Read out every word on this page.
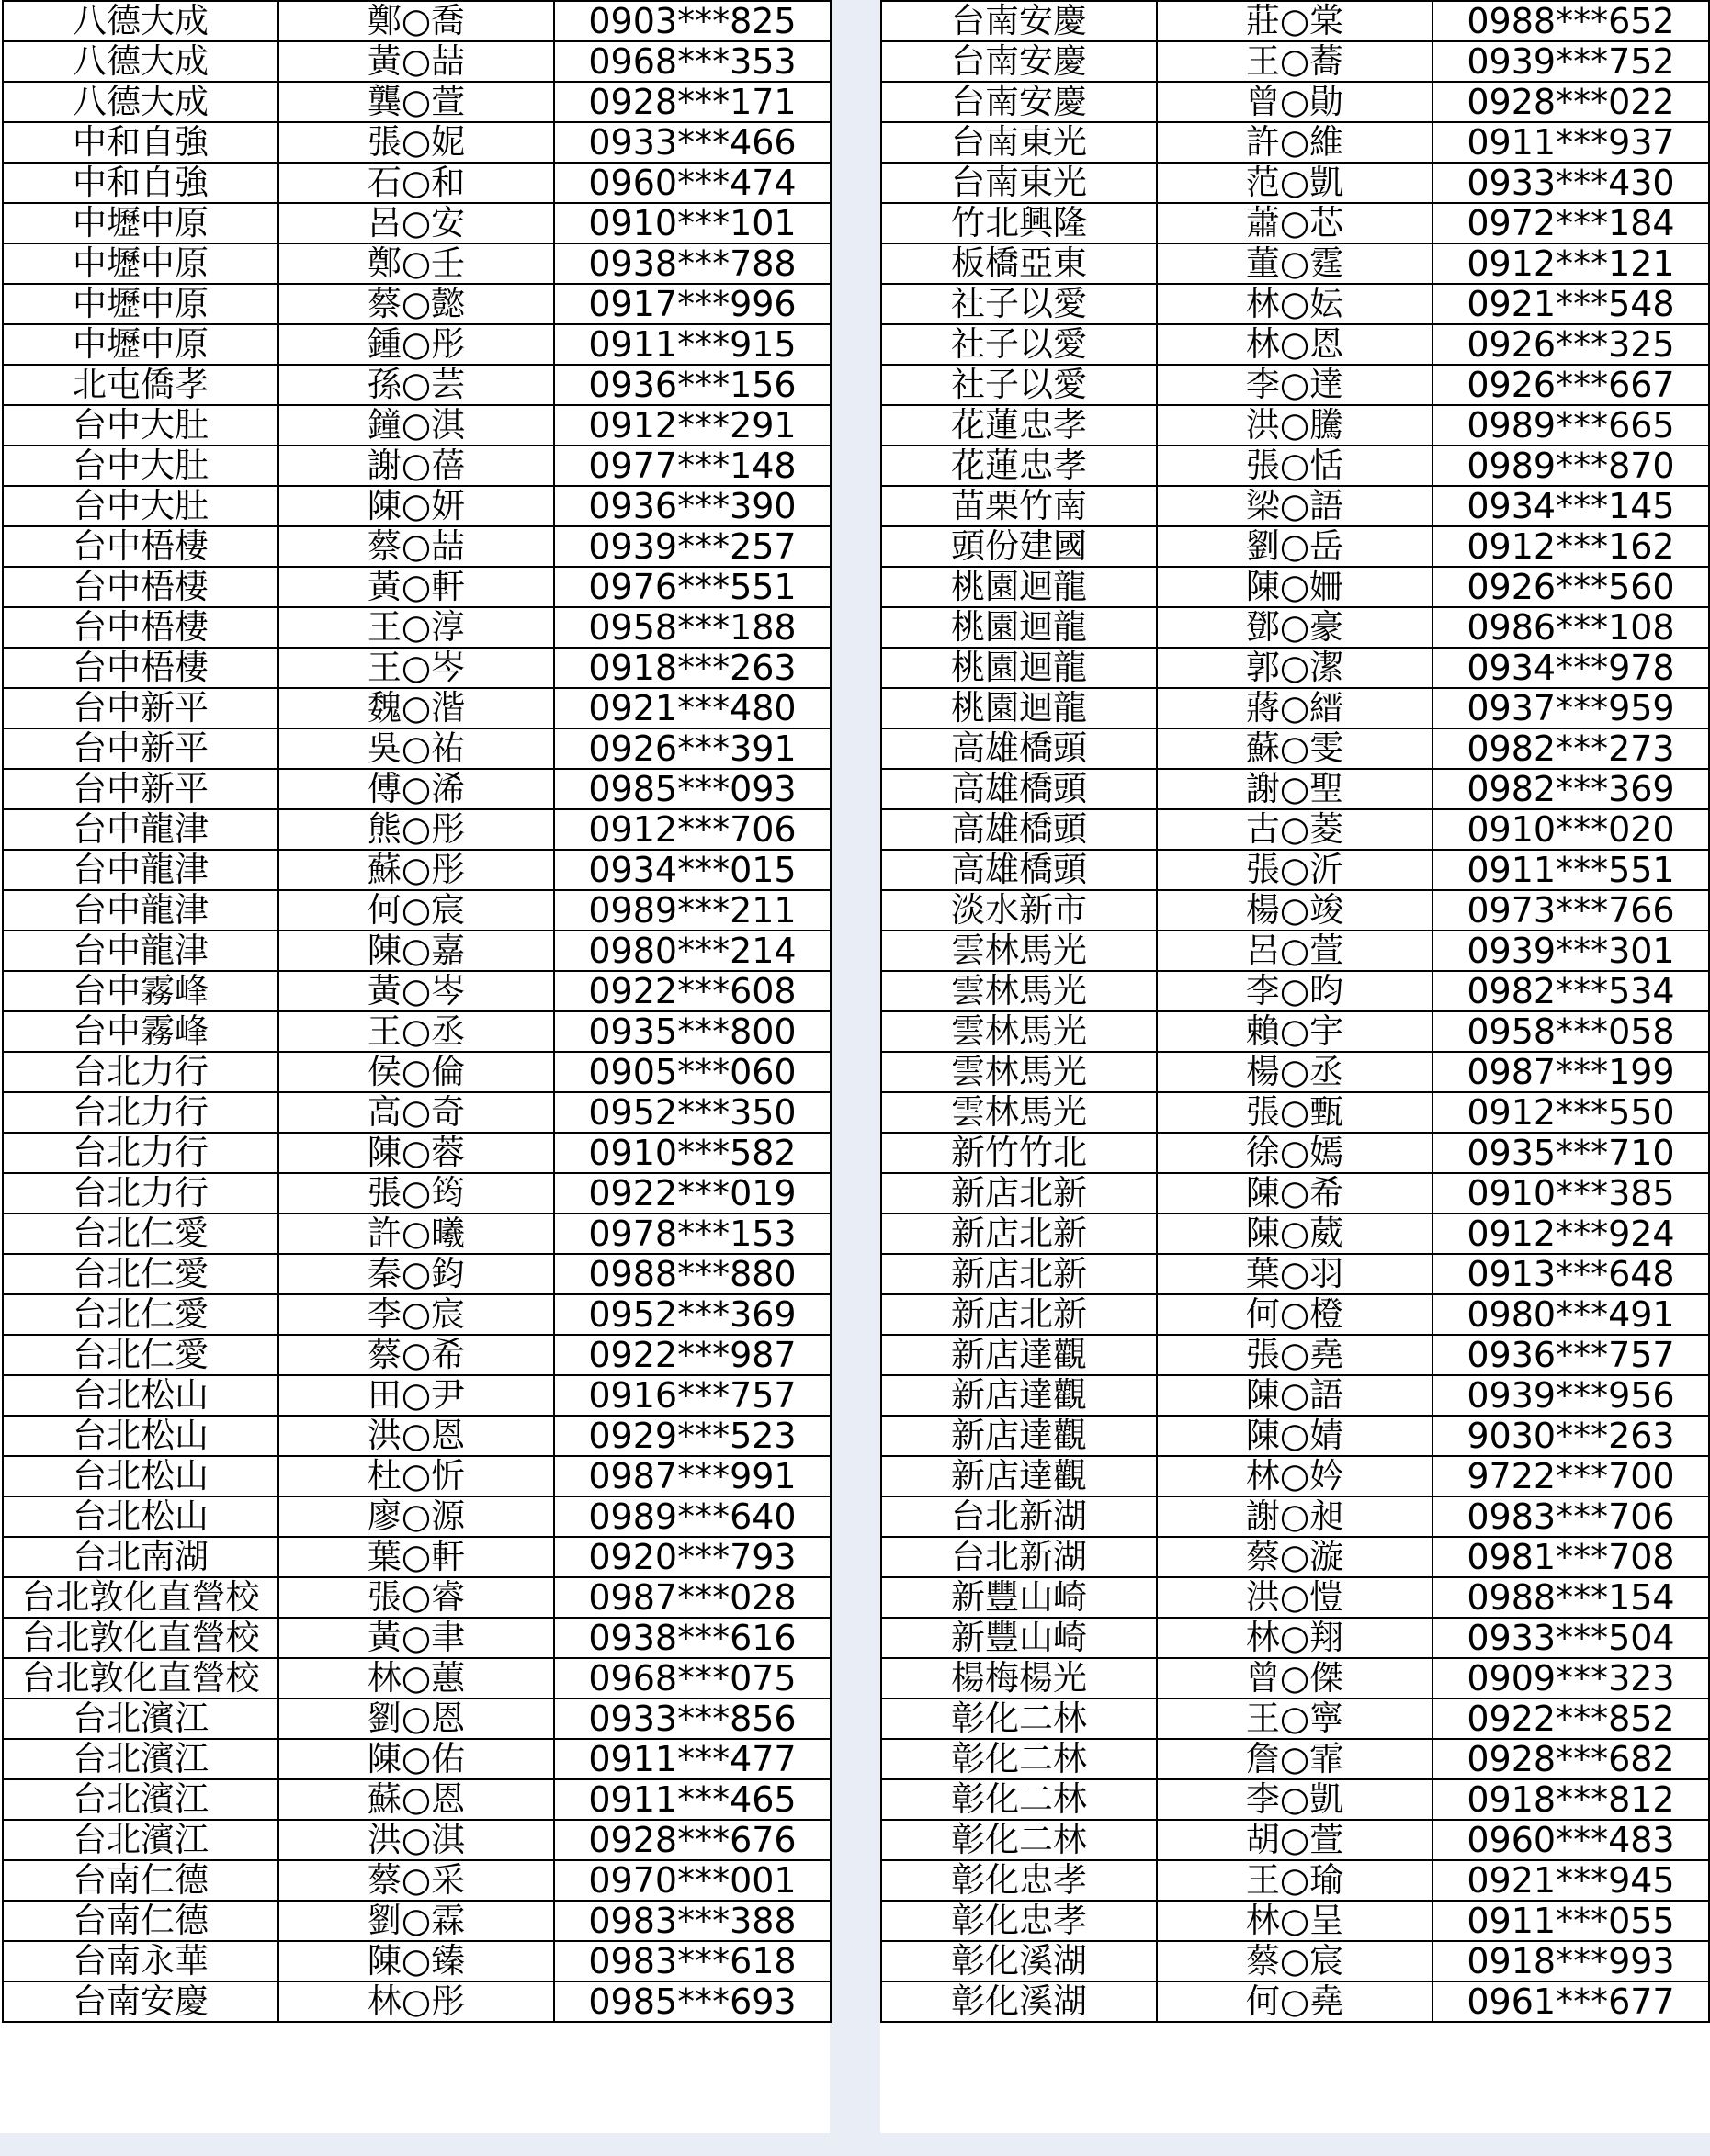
八德大成	鄭○喬	0903***825
八德大成	黃○喆	0968***353
八德大成	龔○萱	0928***171
中和自強	張○妮	0933***466
中和自強	石○和	0960***474
中壢中原	呂○安	0910***101
中壢中原	鄭○壬	0938***788
中壢中原	蔡○懿	0917***996
中壢中原	鍾○彤	0911***915
北屯僑孝	孫○芸	0936***156
台中大肚	鐘○淇	0912***291
台中大肚	謝○蓓	0977***148
台中大肚	陳○妍	0936***390
台中梧棲	蔡○喆	0939***257
台中梧棲	黃○軒	0976***551
台中梧棲	王○淳	0958***188
台中梧棲	王○岑	0918***263
台中新平	魏○湝	0921***480
台中新平	吳○祐	0926***391
台中新平	傅○浠	0985***093
台中龍津	熊○彤	0912***706
台中龍津	蘇○彤	0934***015
台中龍津	何○宸	0989***211
台中龍津	陳○嘉	0980***214
台中霧峰	黃○岑	0922***608
台中霧峰	王○丞	0935***800
台北力行	侯○倫	0905***060
台北力行	高○奇	0952***350
台北力行	陳○蓉	0910***582
台北力行	張○筠	0922***019
台北仁愛	許○曦	0978***153
台北仁愛	秦○鈞	0988***880
台北仁愛	李○宸	0952***369
台北仁愛	蔡○希	0922***987
台北松山	田○尹	0916***757
台北松山	洪○恩	0929***523
台北松山	杜○忻	0987***991
台北松山	廖○源	0989***640
台北南湖	葉○軒	0920***793
台北敦化直營校	張○睿	0987***028
台北敦化直營校	黃○聿	0938***616
台北敦化直營校	林○蕙	0968***075
台北濱江	劉○恩	0933***856
台北濱江	陳○佑	0911***477
台北濱江	蘇○恩	0911***465
台北濱江	洪○淇	0928***676
台南仁德	蔡○采	0970***001
台南仁德	劉○霖	0983***388
台南永華	陳○臻	0983***618
台南安慶	林○彤	0985***693
台南安慶	莊○棠	0988***652
台南安慶	王○蕎	0939***752
台南安慶	曾○勛	0928***022
台南東光	許○維	0911***937
台南東光	范○凱	0933***430
竹北興隆	蕭○芯	0972***184
板橋亞東	董○霆	0912***121
社子以愛	林○妘	0921***548
社子以愛	林○恩	0926***325
社子以愛	李○達	0926***667
花蓮忠孝	洪○騰	0989***665
花蓮忠孝	張○恬	0989***870
苗栗竹南	梁○語	0934***145
頭份建國	劉○岳	0912***162
桃園迴龍	陳○姍	0926***560
桃園迴龍	鄧○豪	0986***108
桃園迴龍	郭○潔	0934***978
桃園迴龍	蔣○縉	0937***959
高雄橋頭	蘇○雯	0982***273
高雄橋頭	謝○聖	0982***369
高雄橋頭	古○菱	0910***020
高雄橋頭	張○沂	0911***551
淡水新市	楊○竣	0973***766
雲林馬光	呂○萱	0939***301
雲林馬光	李○昀	0982***534
雲林馬光	賴○宇	0958***058
雲林馬光	楊○丞	0987***199
雲林馬光	張○甄	0912***550
新竹竹北	徐○嫣	0935***710
新店北新	陳○希	0910***385
新店北新	陳○葳	0912***924
新店北新	葉○羽	0913***648
新店北新	何○橙	0980***491
新店達觀	張○堯	0936***757
新店達觀	陳○語	0939***956
新店達觀	陳○婧	9030***263
新店達觀	林○妗	9722***700
台北新湖	謝○昶	0983***706
台北新湖	蔡○漩	0981***708
新豐山崎	洪○愷	0988***154
新豐山崎	林○翔	0933***504
楊梅楊光	曾○傑	0909***323
彰化二林	王○寧	0922***852
彰化二林	詹○霏	0928***682
彰化二林	李○凱	0918***812
彰化二林	胡○萱	0960***483
彰化忠孝	王○瑜	0921***945
彰化忠孝	林○呈	0911***055
彰化溪湖	蔡○宸	0918***993
彰化溪湖	何○堯	0961***677
